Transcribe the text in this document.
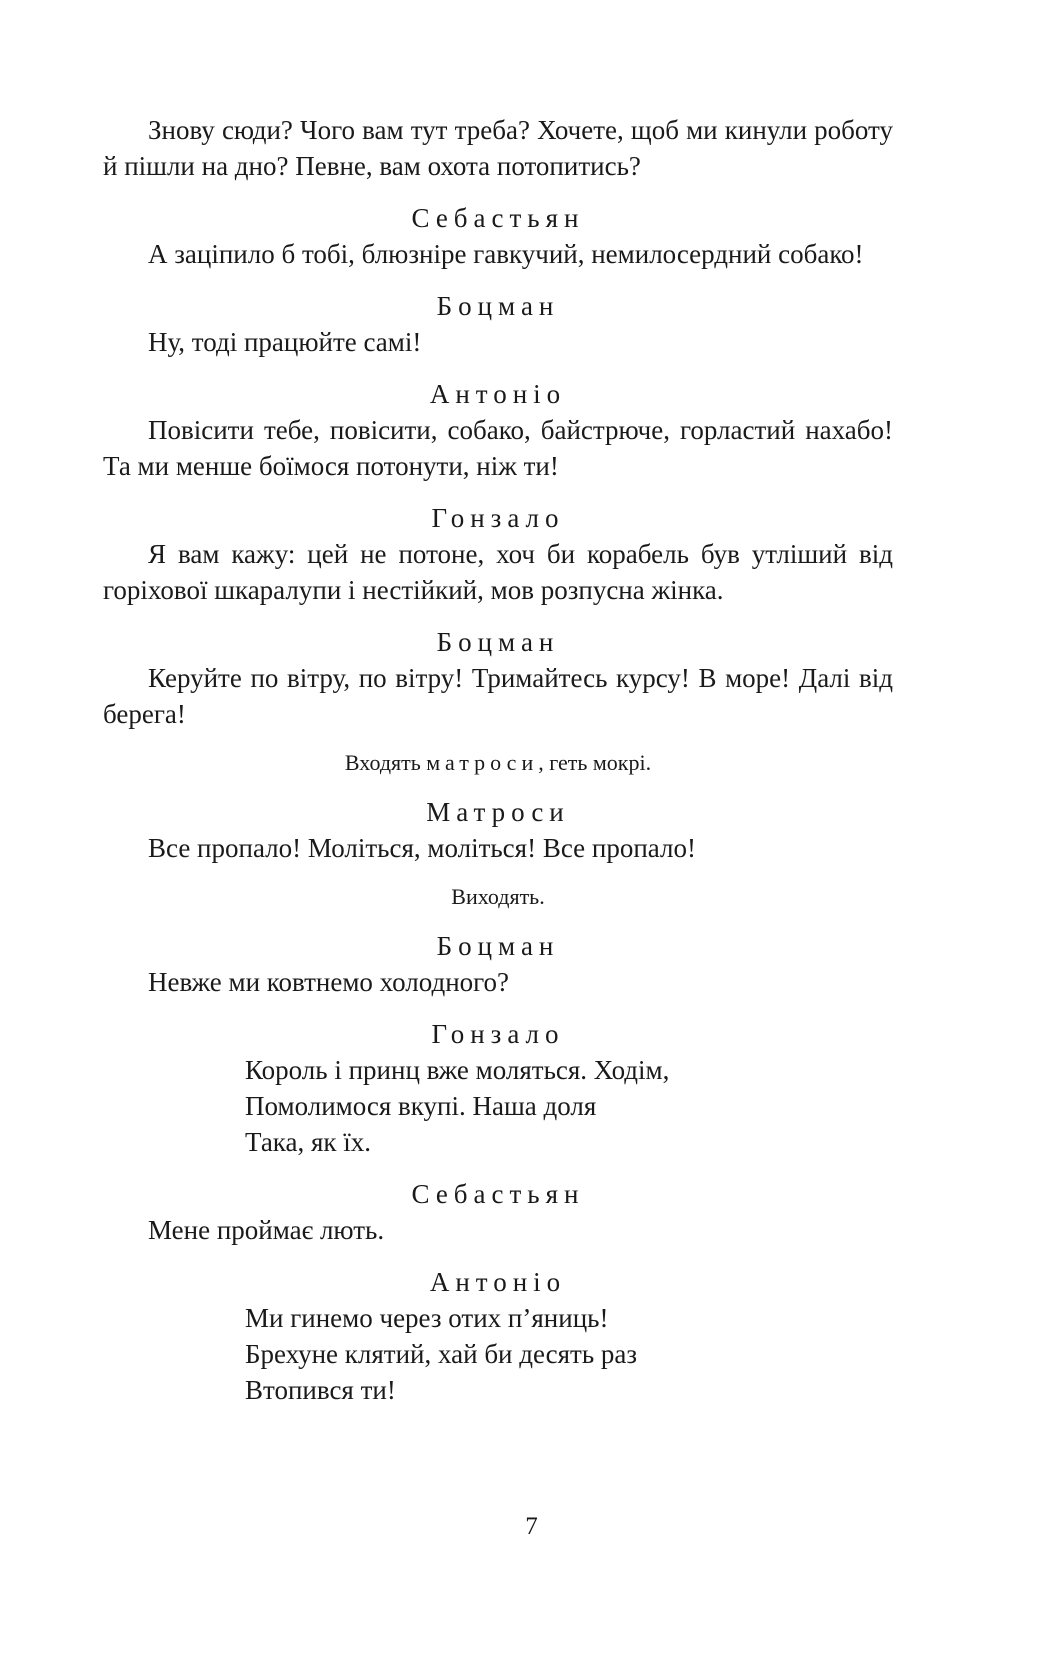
Знову сюди? Чого вам тут треба? Хочете, щоб ми кинули роботу й пішли на дно? Певне, вам охота потопитись?

Себастьян

А заціпило б тобі, блюзніре гавкучий, немилосердний собако!

Боцман

Ну, тоді працюйте самі!

Антоніо

Повісити тебе, повісити, собако, байстрюче, горластий нахабо! Та ми менше боїмося потонути, ніж ти!

Гонзало

Я вам кажу: цей не потоне, хоч би корабель був утліший від горіхової шкаралупи і нестійкий, мов розпусна жінка.

Боцман

Керуйте по вітру, по вітру! Тримайтесь курсу! В море! Далі від берега!

Входять матроси, геть мокрі.

Матроси

Все пропало! Моліться, моліться! Все пропало!

Виходять.

Боцман

Невже ми ковтнемо холодного?

Гонзало

Король і принц вже моляться. Ходім,
Помолимося вкупі. Наша доля
Така, як їх.

Себастьян

Мене проймає лють.

Антоніо

Ми гинемо через отих п’яниць!
Брехуне клятий, хай би десять раз
Втопився ти!
7
